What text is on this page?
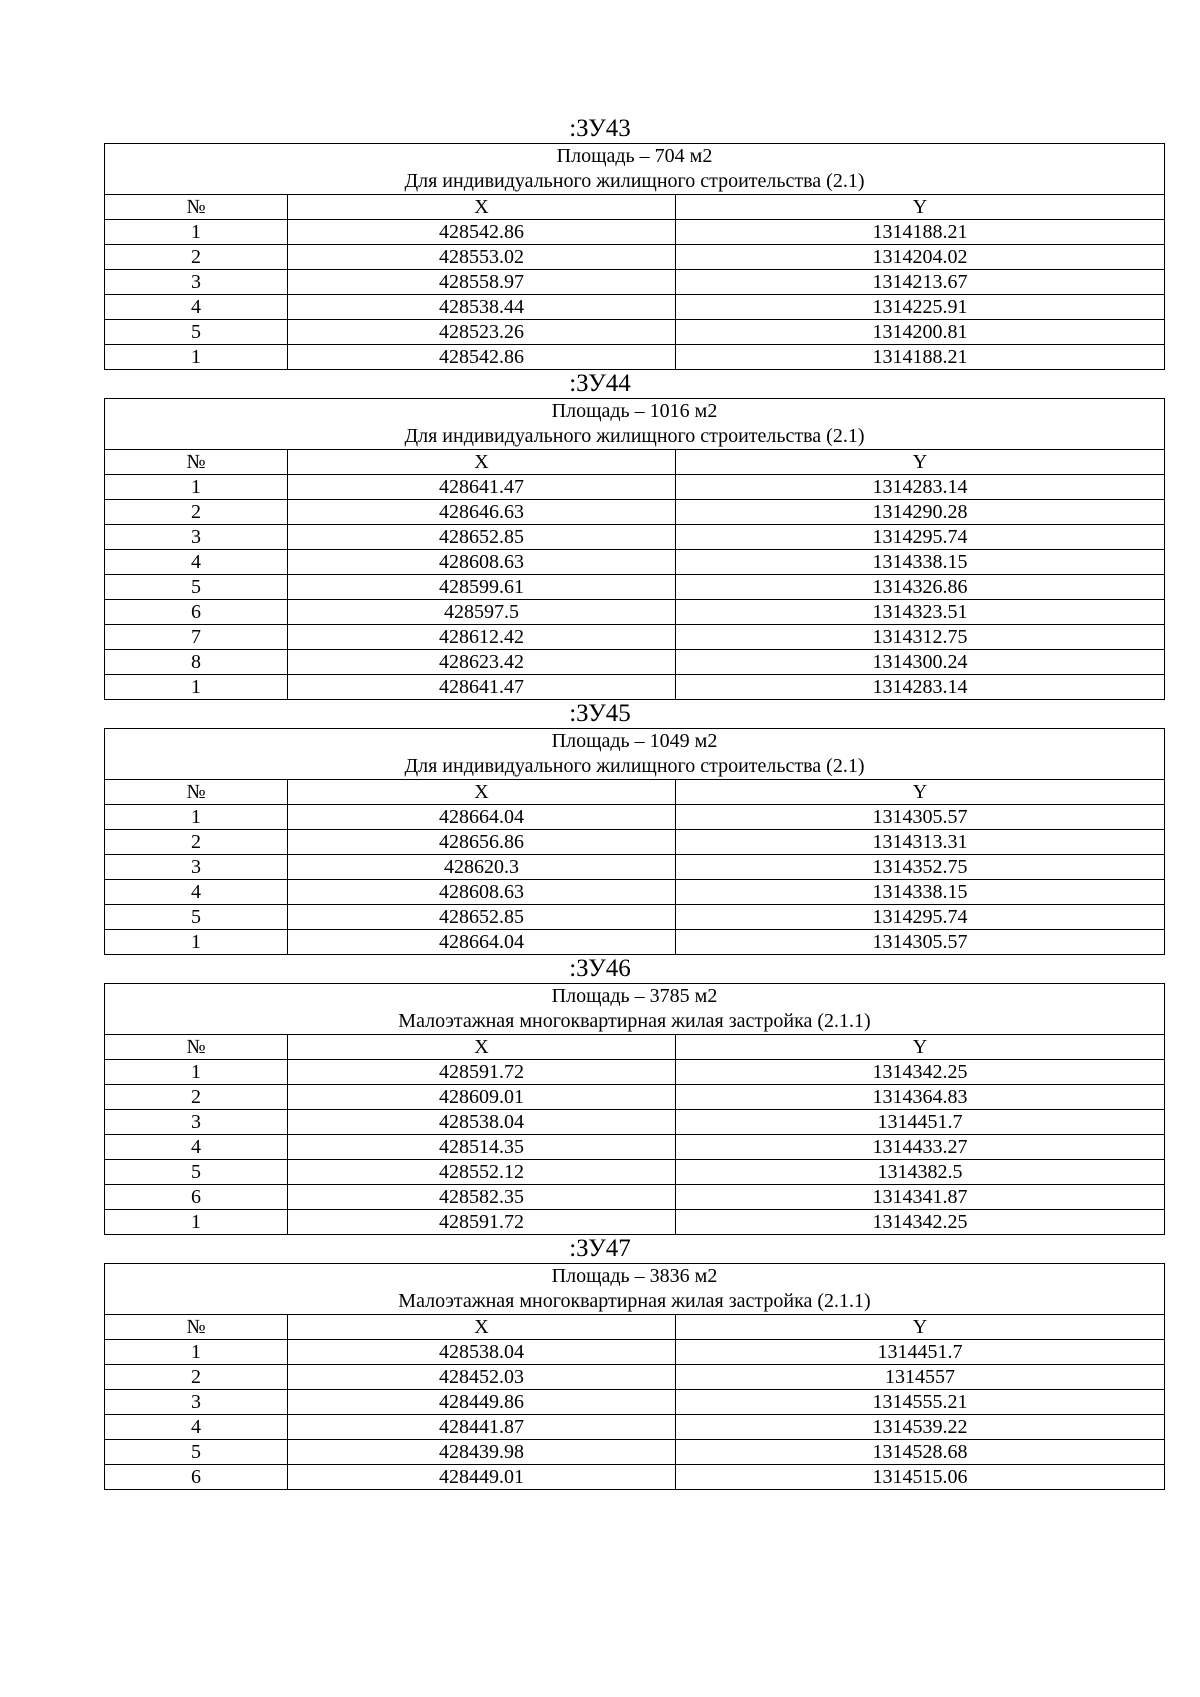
:ЗУ43
Площадь – 704 м2
Для индивидуального жилищного строительства (2.1)		

№	X	Y
1	428542.86	1314188.21
2	428553.02	1314204.02
3	428558.97	1314213.67
4	428538.44	1314225.91
5	428523.26	1314200.81
1	428542.86	1314188.21
:ЗУ44
Площадь – 1016 м2
Для индивидуального жилищного строительства (2.1)		

№	X	Y
1	428641.47	1314283.14
2	428646.63	1314290.28
3	428652.85	1314295.74
4	428608.63	1314338.15
5	428599.61	1314326.86
6	428597.5	1314323.51
7	428612.42	1314312.75
8	428623.42	1314300.24
1	428641.47	1314283.14
:ЗУ45
Площадь – 1049 м2
Для индивидуального жилищного строительства (2.1)		

№	X	Y
1	428664.04	1314305.57
2	428656.86	1314313.31
3	428620.3	1314352.75
4	428608.63	1314338.15
5	428652.85	1314295.74
1	428664.04	1314305.57
:ЗУ46
Площадь – 3785 м2
Малоэтажная многоквартирная жилая застройка (2.1.1)		

№	X	Y
1	428591.72	1314342.25
2	428609.01	1314364.83
3	428538.04	1314451.7
4	428514.35	1314433.27
5	428552.12	1314382.5
6	428582.35	1314341.87
1	428591.72	1314342.25
:ЗУ47
Площадь – 3836 м2
Малоэтажная многоквартирная жилая застройка (2.1.1)		

№	X	Y
1	428538.04	1314451.7
2	428452.03	1314557
3	428449.86	1314555.21
4	428441.87	1314539.22
5	428439.98	1314528.68
6	428449.01	1314515.06
